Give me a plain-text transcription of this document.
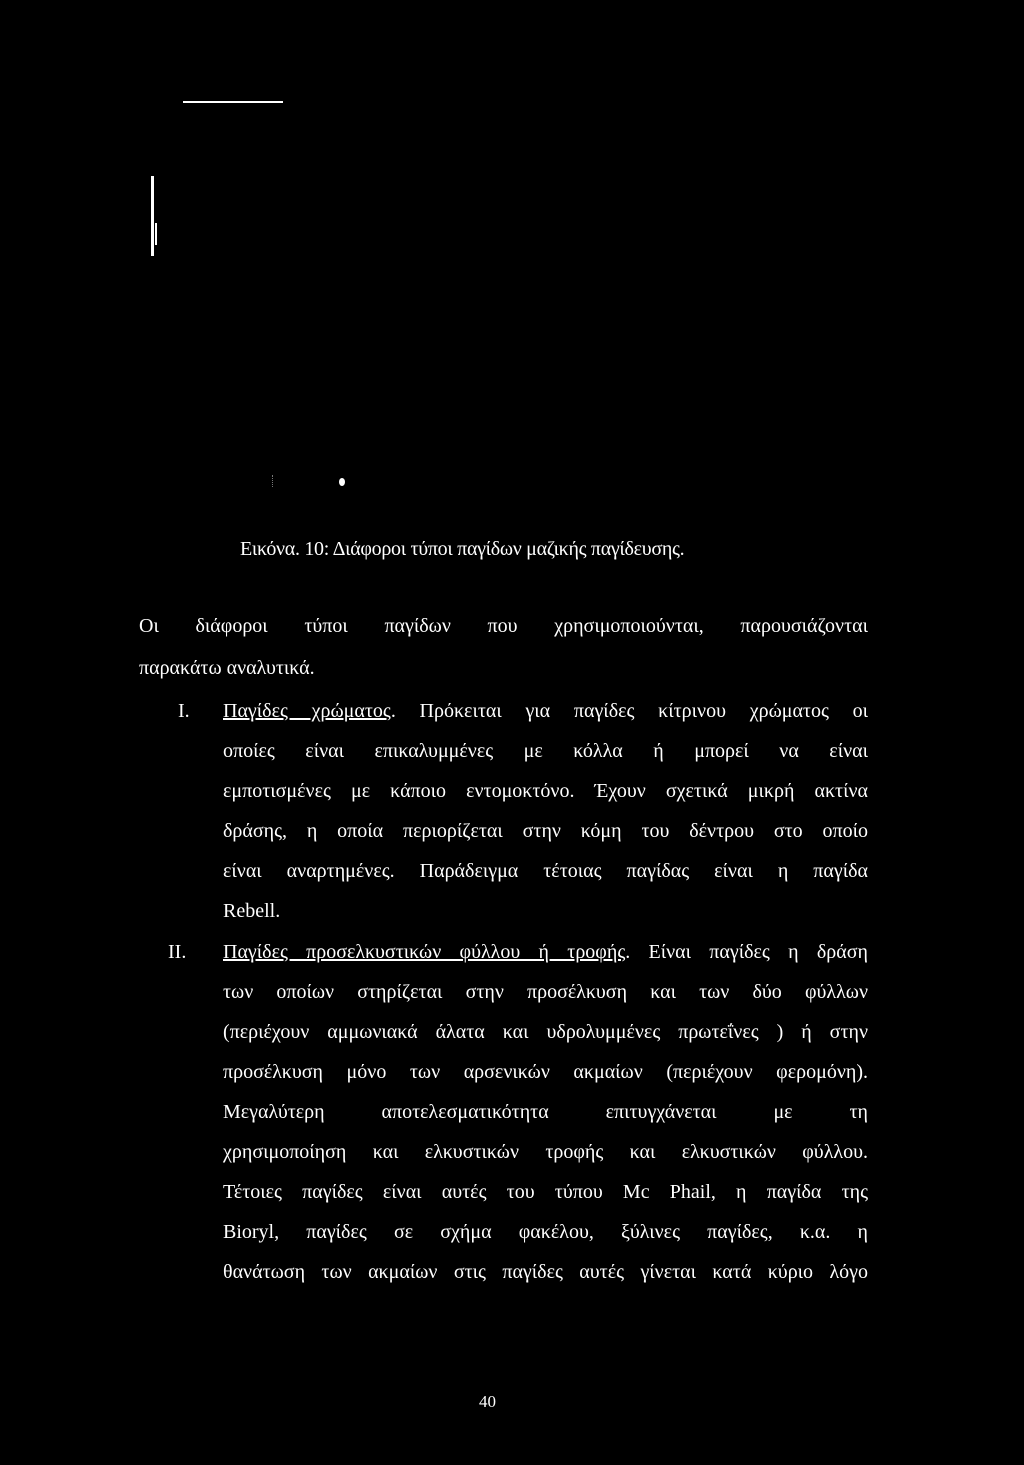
Εικόνα. 10: Διάφοροι τύποι παγίδων μαζικής παγίδευσης.
Οι διάφοροι τύποι παγίδων που χρησιμοποιούνται, παρουσιάζονται
παρακάτω αναλυτικά.
I. Παγίδες χρώματος. Πρόκειται για παγίδες κίτρινου χρώματος οι
οποίες είναι επικαλυμμένες με κόλλα ή μπορεί να είναι
εμποτισμένες με κάποιο εντομοκτόνο. Έχουν σχετικά μικρή ακτίνα
δράσης, η οποία περιορίζεται στην κόμη του δέντρου στο οποίο
είναι αναρτημένες. Παράδειγμα τέτοιας παγίδας είναι η παγίδα
Rebell.
II. Παγίδες προσελκυστικών φύλλου ή τροφής. Είναι παγίδες η δράση
των οποίων στηρίζεται στην προσέλκυση και των δύο φύλλων
(περιέχουν αμμωνιακά άλατα και υδρολυμμένες πρωτεΐνες ) ή στην
προσέλκυση μόνο των αρσενικών ακμαίων (περιέχουν φερομόνη).
Μεγαλύτερη αποτελεσματικότητα επιτυγχάνεται με τη
χρησιμοποίηση και ελκυστικών τροφής και ελκυστικών φύλλου.
Τέτοιες παγίδες είναι αυτές του τύπου Mc Phail, η παγίδα της
Bioryl, παγίδες σε σχήμα φακέλου, ξύλινες παγίδες, κ.α. η
θανάτωση των ακμαίων στις παγίδες αυτές γίνεται κατά κύριο λόγο
40
